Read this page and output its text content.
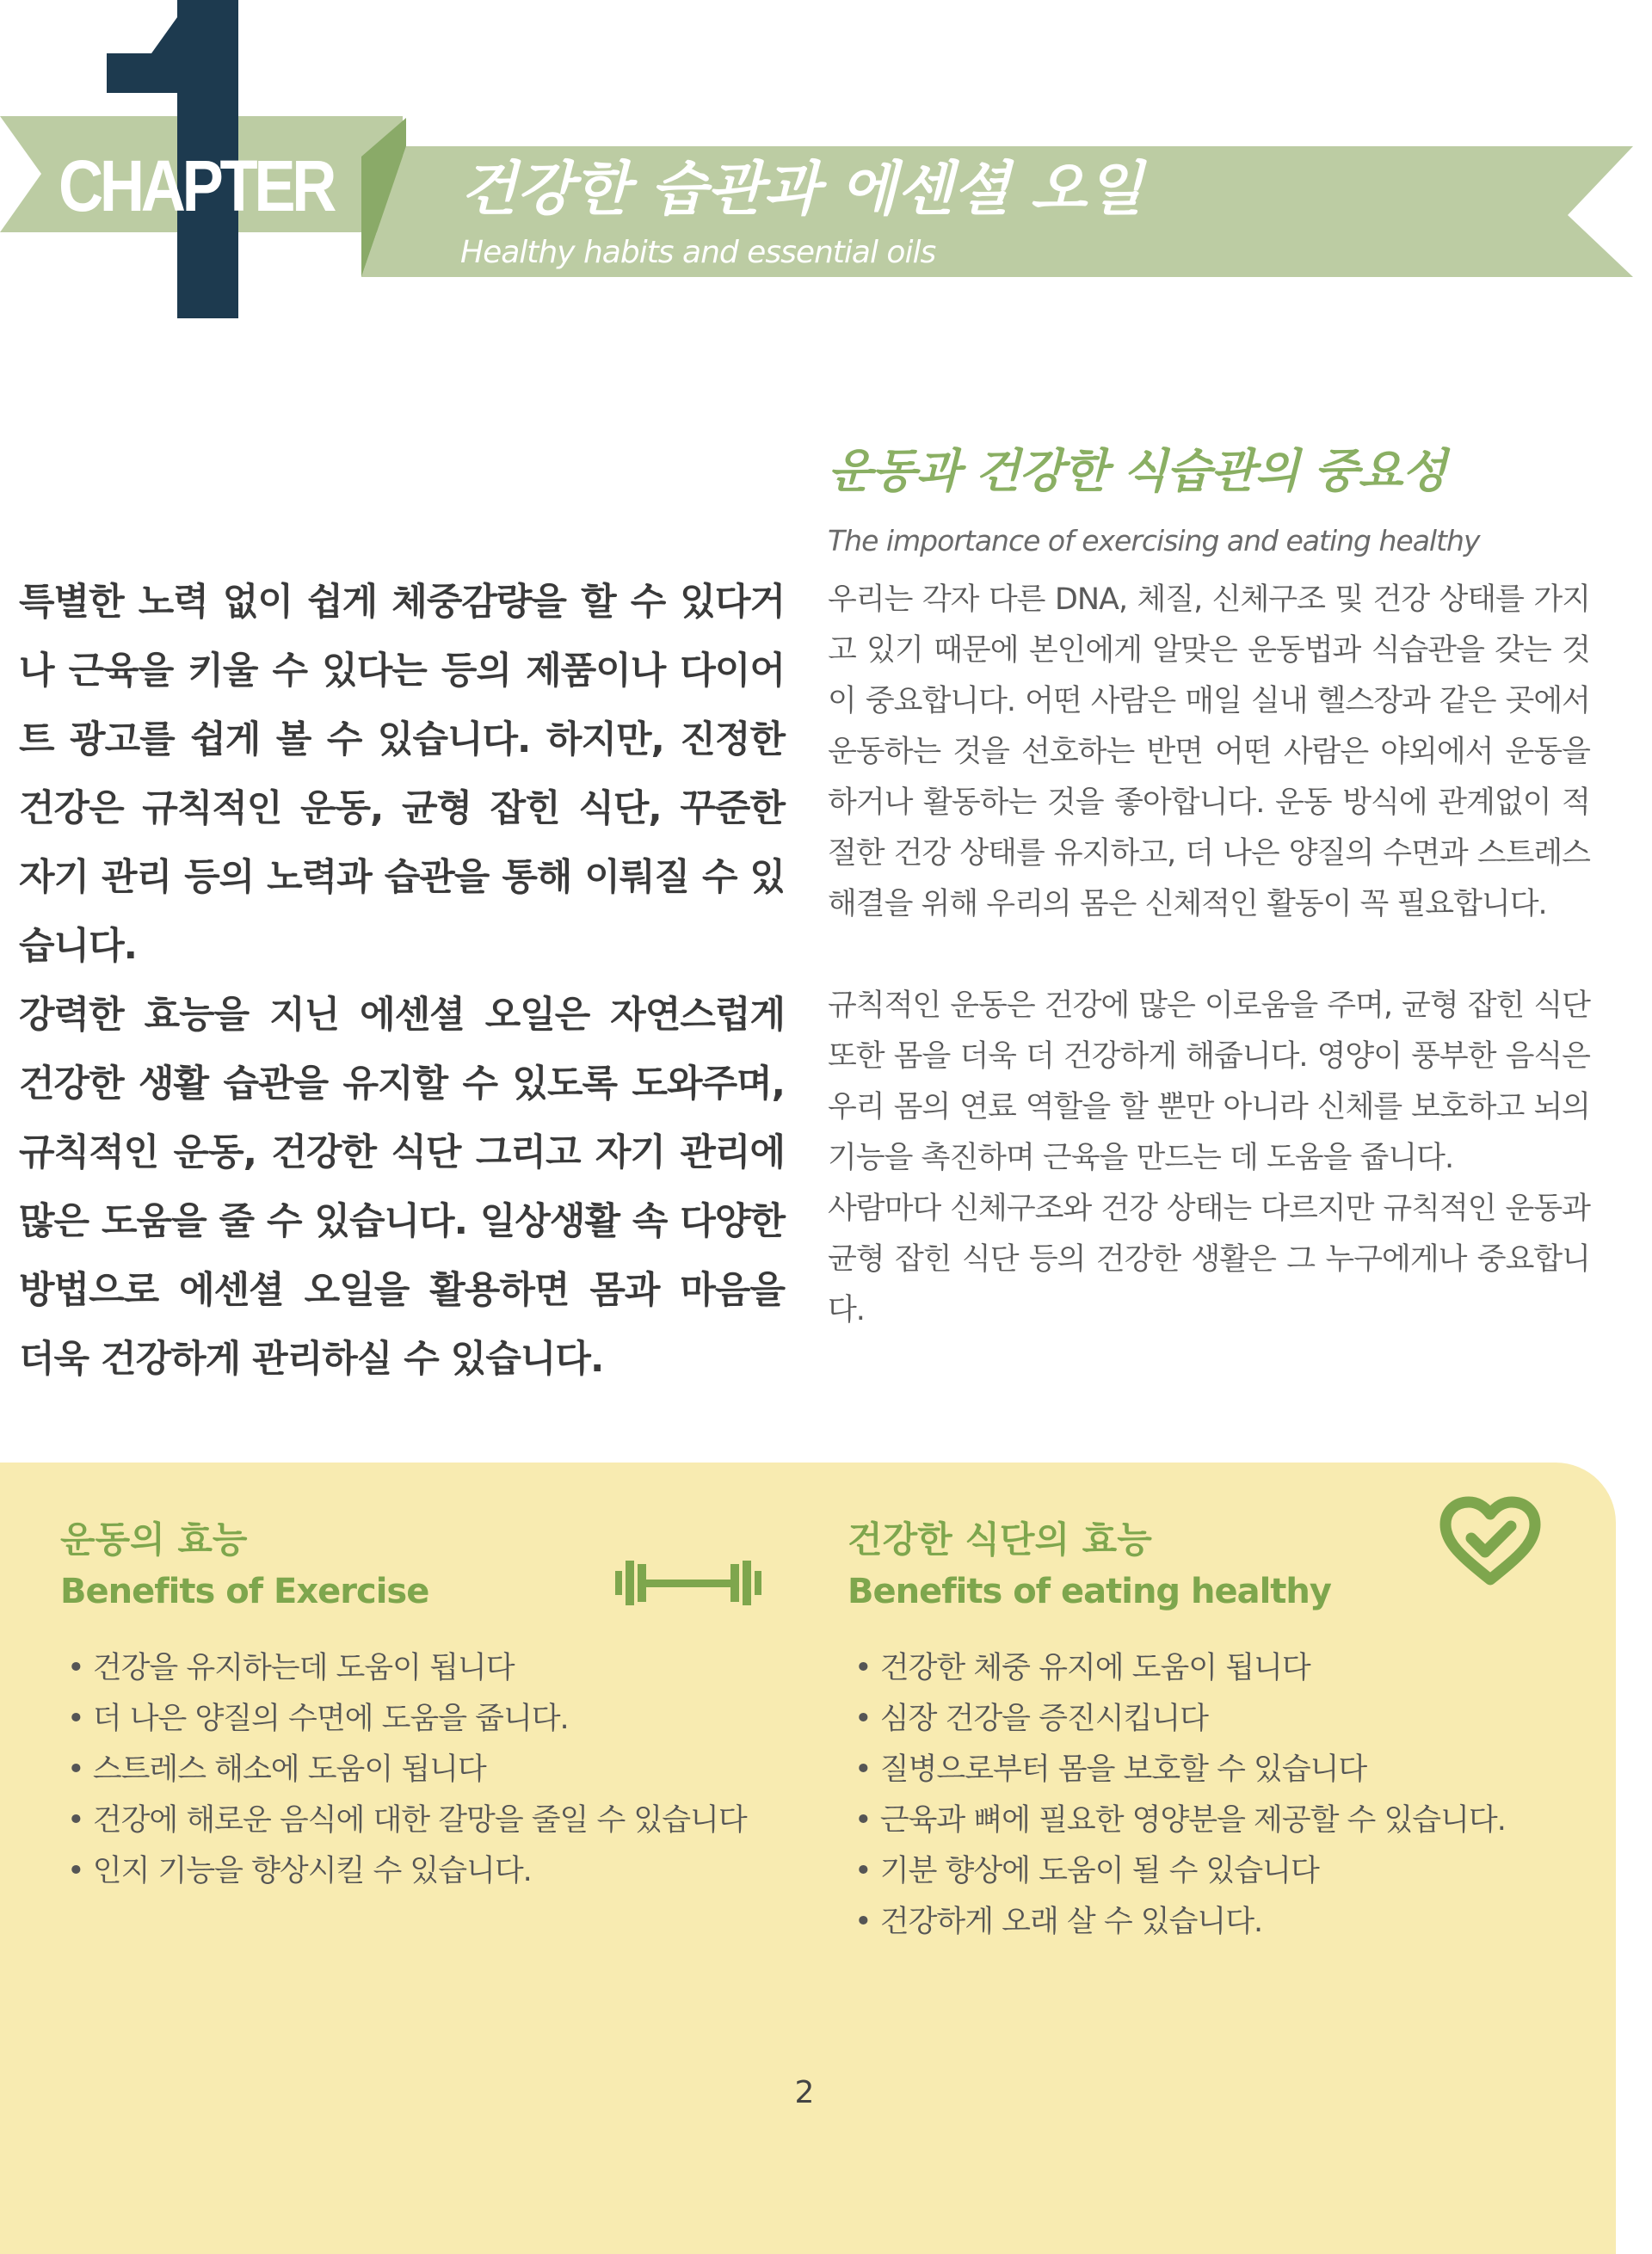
CHAPTER 건강한 습관과 에센셜 오일
Healthy habits and essential oils

특별한 노력 없이 쉽게 체중감량을 할 수 있다거나 근육을 키울 수 있다는 등의 제품이나 다이어트 광고를 쉽게 볼 수 있습니다. 하지만, 진정한 건강은 규칙적인 운동, 균형 잡힌 식단, 꾸준한 자기 관리 등의 노력과 습관을 통해 이뤄질 수 있습니다.

강력한 효능을 지닌 에센셜 오일은 자연스럽게 건강한 생활 습관을 유지할 수 있도록 도와주며, 규칙적인 운동, 건강한 식단 그리고 자기 관리에 많은 도움을 줄 수 있습니다. 일상생활 속 다양한 방법으로 에센셜 오일을 활용하면 몸과 마음을 더욱 건강하게 관리하실 수 있습니다.

운동과 건강한 식습관의 중요성

The importance of exercising and eating healthy

우리는 각자 다른 DNA, 체질, 신체구조 및 건강 상태를 가지고 있기 때문에 본인에게 알맞은 운동법과 식습관을 갖는 것이 중요합니다. 어떤 사람은 매일 실내 헬스장과 같은 곳에서 운동하는 것을 선호하는 반면 어떤 사람은 야외에서 운동을 하거나 활동하는 것을 좋아합니다. 운동 방식에 관계없이 적절한 건강 상태를 유지하고, 더 나은 양질의 수면과 스트레스 해결을 위해 우리의 몸은 신체적인 활동이 꼭 필요합니다.

규칙적인 운동은 건강에 많은 이로움을 주며, 균형 잡힌 식단 또한 몸을 더욱 더 건강하게 해줍니다. 영양이 풍부한 음식은 우리 몸의 연료 역할을 할 뿐만 아니라 신체를 보호하고 뇌의 기능을 촉진하며 근육을 만드는 데 도움을 줍니다.

사람마다 신체구조와 건강 상태는 다르지만 규칙적인 운동과 균형 잡힌 식단 등의 건강한 생활은 그 누구에게나 중요합니다.

운동의 효능
Benefits of Exercise
• 건강을 유지하는데 도움이 됩니다
• 더 나은 양질의 수면에 도움을 줍니다.
• 스트레스 해소에 도움이 됩니다
• 건강에 해로운 음식에 대한 갈망을 줄일 수 있습니다
• 인지 기능을 향상시킬 수 있습니다.
건강한 식단의 효능
Benefits of eating healthy
• 건강한 체중 유지에 도움이 됩니다
• 심장 건강을 증진시킵니다
• 질병으로부터 몸을 보호할 수 있습니다
• 근육과 뼈에 필요한 영양분을 제공할 수 있습니다.
• 기분 향상에 도움이 될 수 있습니다
• 건강하게 오래 살 수 있습니다.
2
